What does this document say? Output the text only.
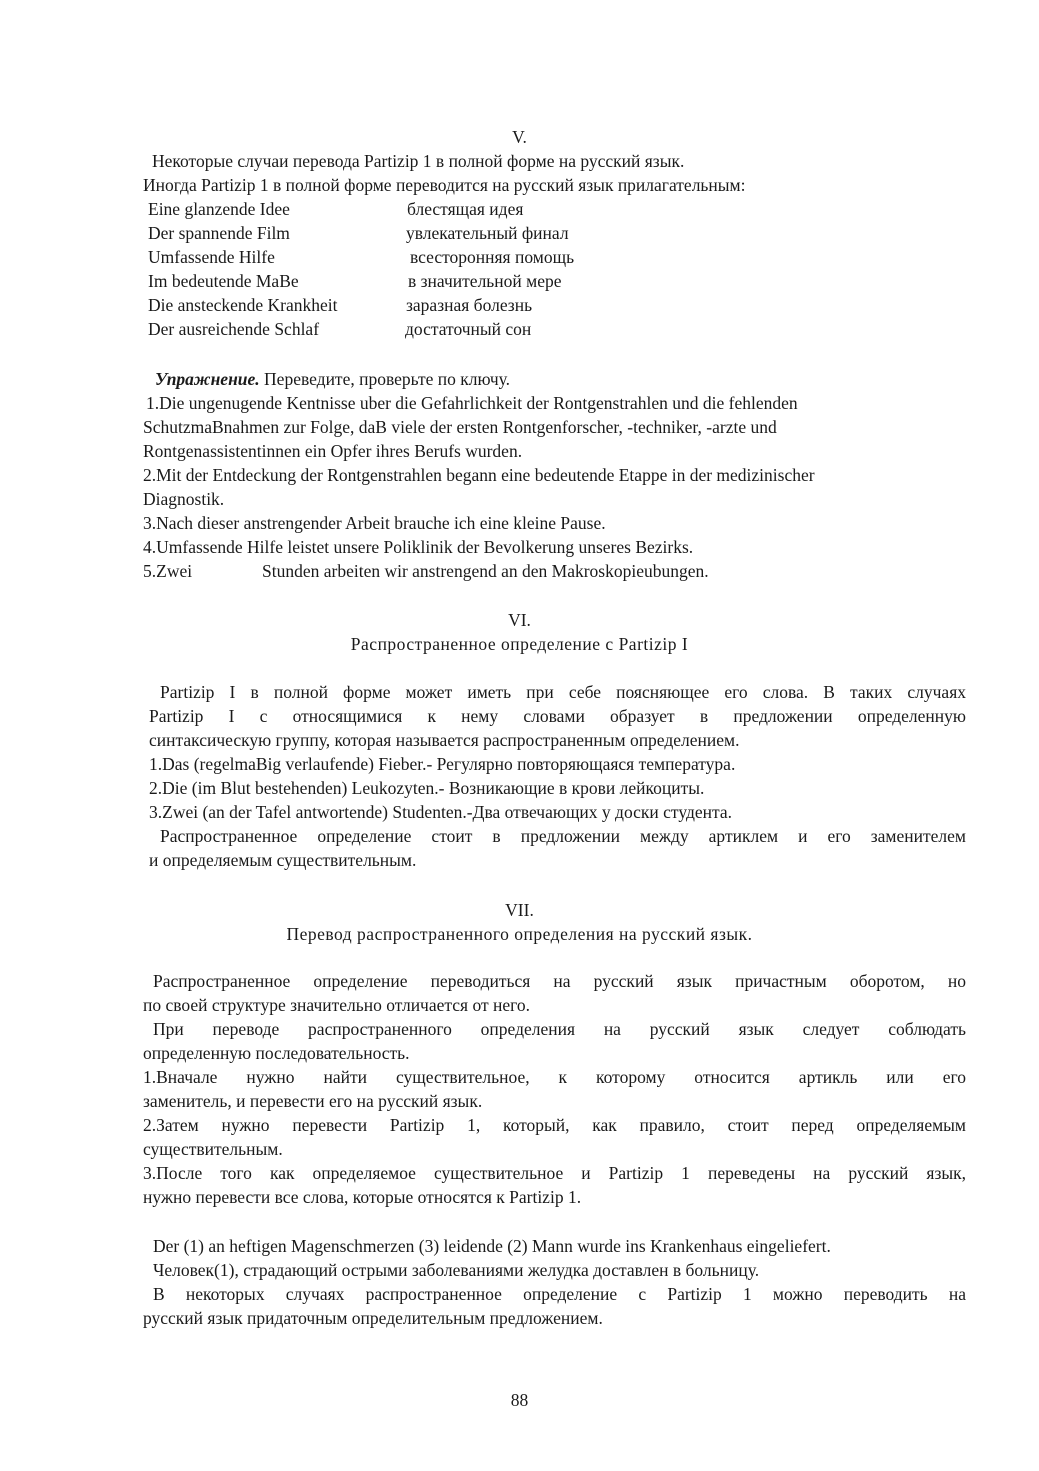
V.
Некоторые случаи перевода Partizip 1 в полной форме на русский язык.
Иногда Partizip 1 в полной форме переводится на русский язык прилагательным:
Eine glanzende Idee	блестящая идея
Der spannende Film	увлекательный финал
Umfassende Hilfe	всесторонняя помощь
Im bedeutende MaBe	в значительной мере
Die ansteckende Krankheit	заразная болезнь
Der ausreichende Schlaf	достаточный сон
Упражнение. Переведите, проверьте по ключу.
1.Die ungenugende Kentnisse uber die Gefahrlichkeit der Rontgenstrahlen und die fehlenden
SchutzmaBnahmen zur Folge, daB viele der ersten Rontgenforscher, -techniker, -arzte und
Rontgenassistentinnen ein Opfer ihres Berufs wurden.
2.Mit der Entdeckung der Rontgenstrahlen begann eine bedeutende Etappe in der medizinischer
Diagnostik.
3.Nach dieser anstrengender Arbeit brauche ich eine kleine Pause.
4.Umfassende Hilfe leistet unsere Poliklinik der Bevolkerung unseres Bezirks.
5.Zwei	Stunden arbeiten wir anstrengend an den Makroskopieubungen.
VI.
Распространенное определение с Partizip I
Partizip I в полной форме может иметь при себе поясняющее его слова. В таких случаях
Partizip I с относящимися к нему словами образует в предложении определенную
синтаксическую группу, которая называется распространенным определением.
1.Das (regelmaBig verlaufende) Fieber.- Регулярно повторяющаяся температура.
2.Die (im Blut bestehenden) Leukozyten.- Возникающие в крови лейкоциты.
3.Zwei (an der Tafel antwortende) Studenten.-Два отвечающих у доски студента.
Распространенное определение стоит в предложении между артиклем и его заменителем
и определяемым существительным.
VII.
Перевод распространенного определения на русский язык.
Распространенное определение переводиться на русский язык причастным оборотом, но
по своей структуре значительно отличается от него.
При переводе распространенного определения на русский язык следует соблюдать
определенную последовательность.
1.Вначале нужно найти существительное, к которому относится артикль или его
заменитель, и перевести его на русский язык.
2.Затем нужно перевести Partizip 1, который, как правило, стоит перед определяемым
существительным.
3.После того как определяемое существительное и Partizip 1 переведены на русский язык,
нужно перевести все слова, которые относятся к Partizip 1.
Der (1) an heftigen Magenschmerzen (3) leidende (2) Mann wurde ins Krankenhaus eingeliefert.
Человек(1), страдающий острыми заболеваниями желудка доставлен в больницу.
В некоторых случаях распространенное определение с Partizip 1 можно переводить на
русский язык придаточным определительным предложением.
88
